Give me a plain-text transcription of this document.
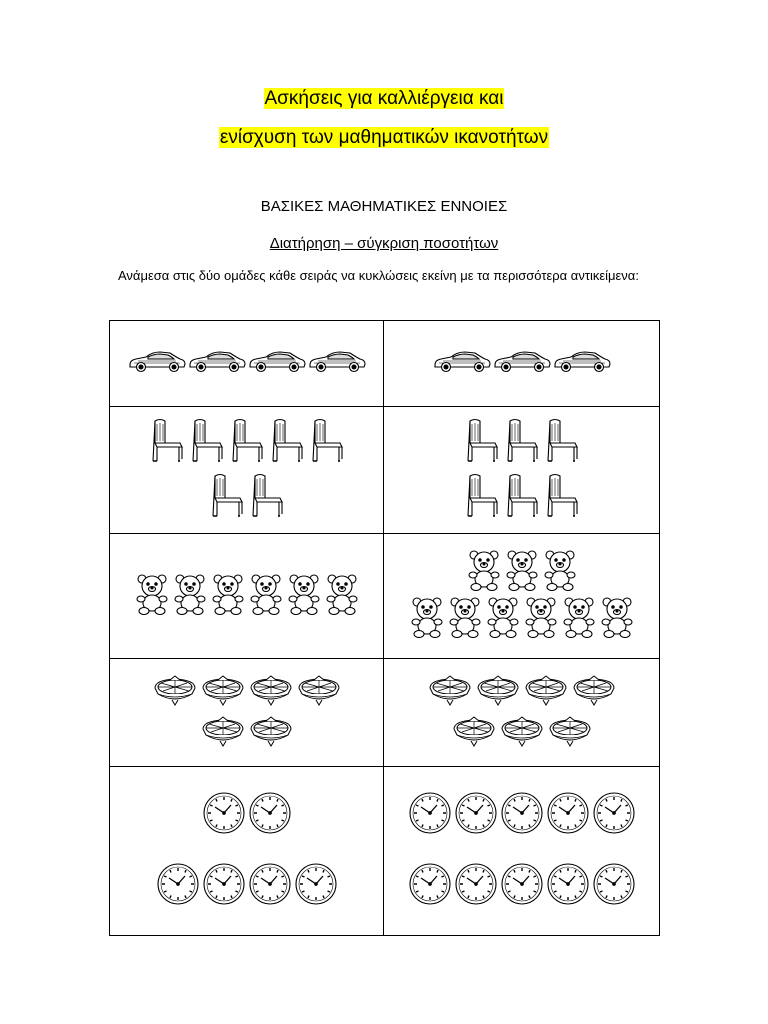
Ασκήσεις για καλλιέργεια και
ενίσχυση των μαθηματικών ικανοτήτων
ΒΑΣΙΚΕΣ ΜΑΘΗΜΑΤΙΚΕΣ ΕΝΝΟΙΕΣ
Διατήρηση – σύγκριση ποσοτήτων
Ανάμεσα στις δύο ομάδες κάθε σειράς να κυκλώσεις εκείνη με τα περισσότερα αντικείμενα:
